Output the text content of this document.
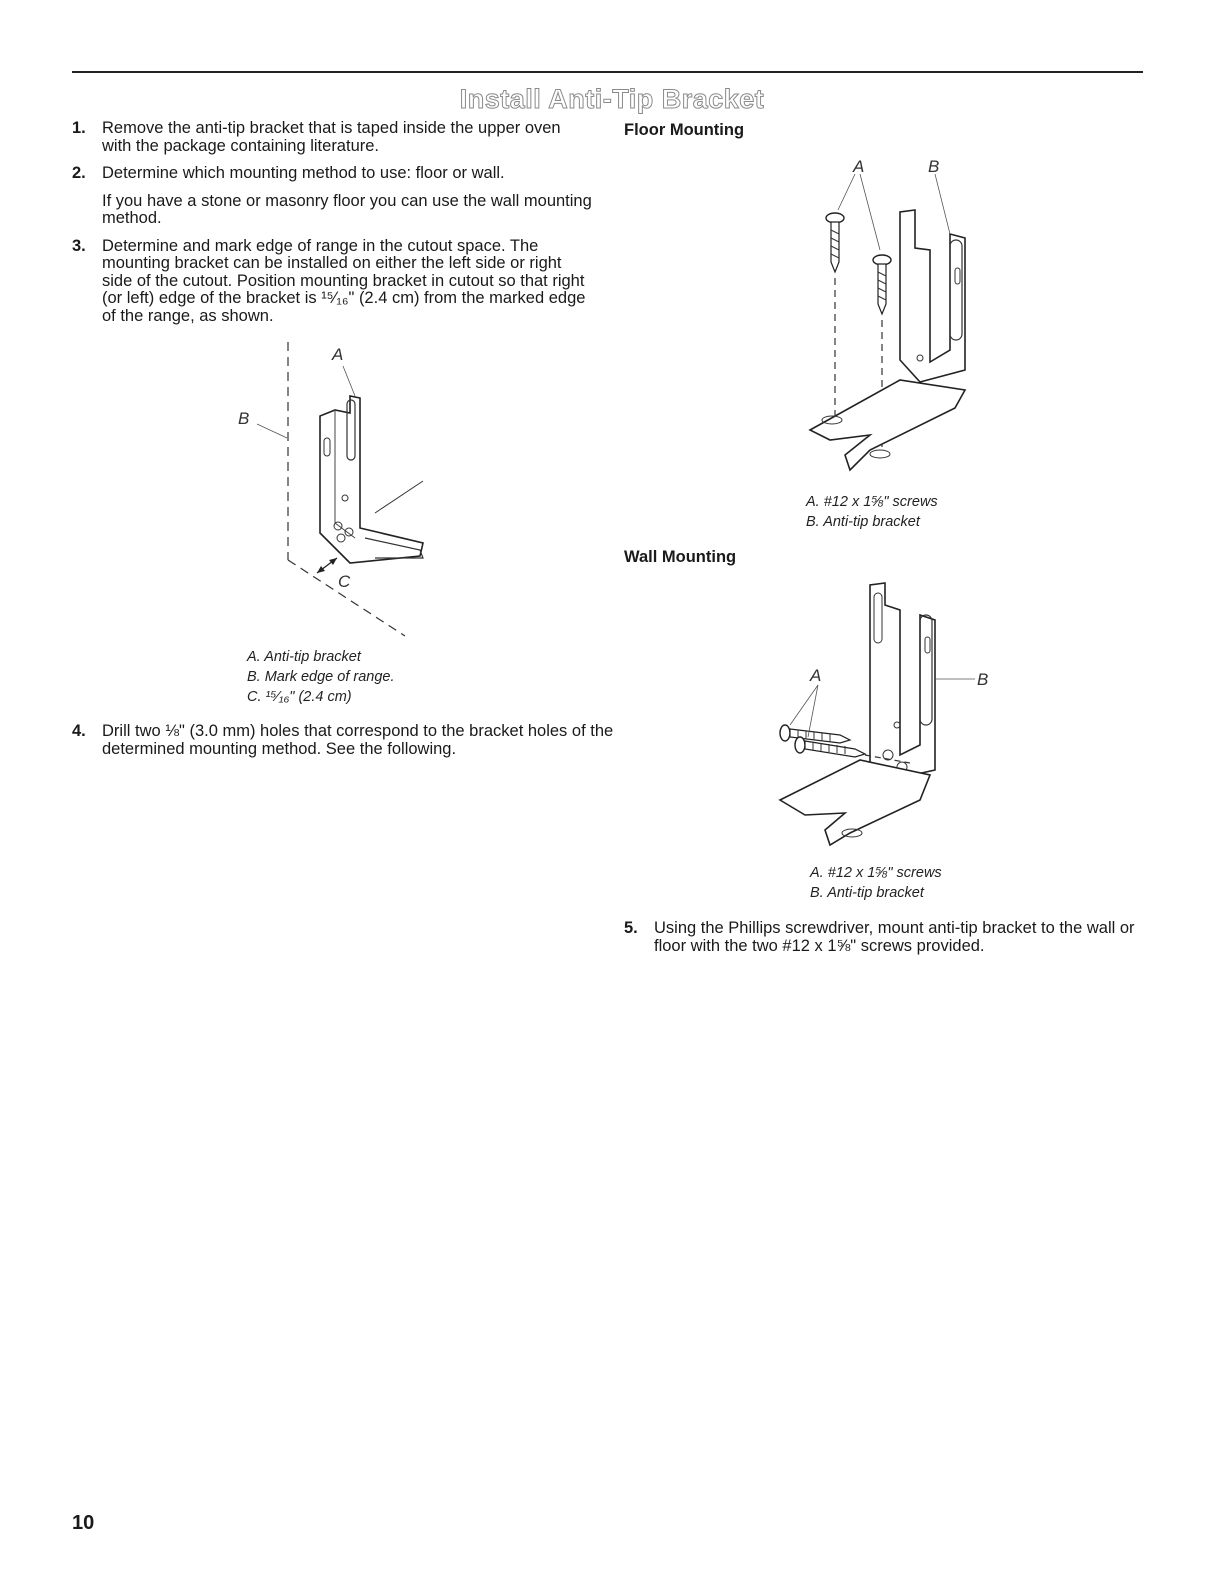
Install Anti-Tip Bracket
1. Remove the anti-tip bracket that is taped inside the upper oven with the package containing literature.

2. Determine which mounting method to use: floor or wall.

If you have a stone or masonry floor you can use the wall mounting method.

3. Determine and mark edge of range in the cutout space. The mounting bracket can be installed on either the left side or right side of the cutout. Position mounting bracket in cutout so that right (or left) edge of the bracket is ¹⁵⁄₁₆" (2.4 cm) from the marked edge of the range, as shown.

A
B
C
A. Anti-tip bracket
B. Mark edge of range.
C. ¹⁵⁄₁₆" (2.4 cm)
4. Drill two ⅛" (3.0 mm) holes that correspond to the bracket holes of the determined mounting method. See the following.

Floor Mounting
A	B
A. #12 x 1⅝" screws
B. Anti-tip bracket
Wall Mounting
A	B
A. #12 x 1⅝" screws
B. Anti-tip bracket
5. Using the Phillips screwdriver, mount anti-tip bracket to the wall or floor with the two #12 x 1⅝" screws provided.

10
